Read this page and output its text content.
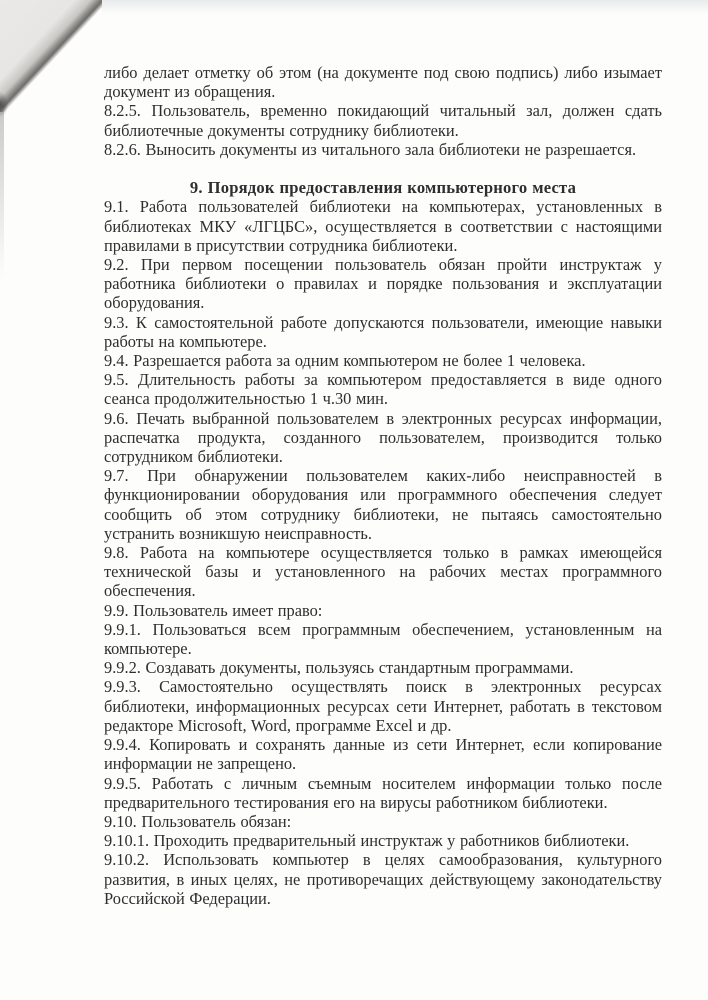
либо делает отметку об этом (на документе под свою подпись) либо изымает документ из обращения.

8.2.5. Пользователь, временно покидающий читальный зал, должен сдать библиотечные документы сотруднику библиотеки.

8.2.6. Выносить документы из читального зала библиотеки не разрешается.

9. Порядок предоставления компьютерного места

9.1. Работа пользователей библиотеки на компьютерах, установленных в библиотеках МКУ «ЛГЦБС», осуществляется в соответствии с настоящими правилами в присутствии сотрудника библиотеки.

9.2. При первом посещении пользователь обязан пройти инструктаж у работника библиотеки о правилах и порядке пользования и эксплуатации оборудования.

9.3. К самостоятельной работе допускаются пользователи, имеющие навыки работы на компьютере.

9.4. Разрешается работа за одним компьютером не более 1 человека.

9.5. Длительность работы за компьютером предоставляется в виде одного сеанса продолжительностью 1 ч.30 мин.

9.6. Печать выбранной пользователем в электронных ресурсах информации, распечатка продукта, созданного пользователем, производится только сотрудником библиотеки.

9.7. При обнаружении пользователем каких-либо неисправностей в функционировании оборудования или программного обеспечения следует сообщить об этом сотруднику библиотеки, не пытаясь самостоятельно устранить возникшую неисправность.

9.8. Работа на компьютере осуществляется только в рамках имеющейся технической базы и установленного на рабочих местах программного обеспечения.

9.9. Пользователь имеет право:

9.9.1. Пользоваться всем программным обеспечением, установленным на компьютере.

9.9.2. Создавать документы, пользуясь стандартным программами.

9.9.3. Самостоятельно осуществлять поиск в электронных ресурсах библиотеки, информационных ресурсах сети Интернет, работать в текстовом редакторе Microsoft, Word, программе Excel и др.

9.9.4. Копировать и сохранять данные из сети Интернет, если копирование информации не запрещено.

9.9.5. Работать с личным съемным носителем информации только после предварительного тестирования его на вирусы работником библиотеки.

9.10. Пользователь обязан:

9.10.1. Проходить предварительный инструктаж у работников библиотеки.

9.10.2. Использовать компьютер в целях самообразования, культурного развития, в иных целях, не противоречащих действующему законодательству Российской Федерации.
